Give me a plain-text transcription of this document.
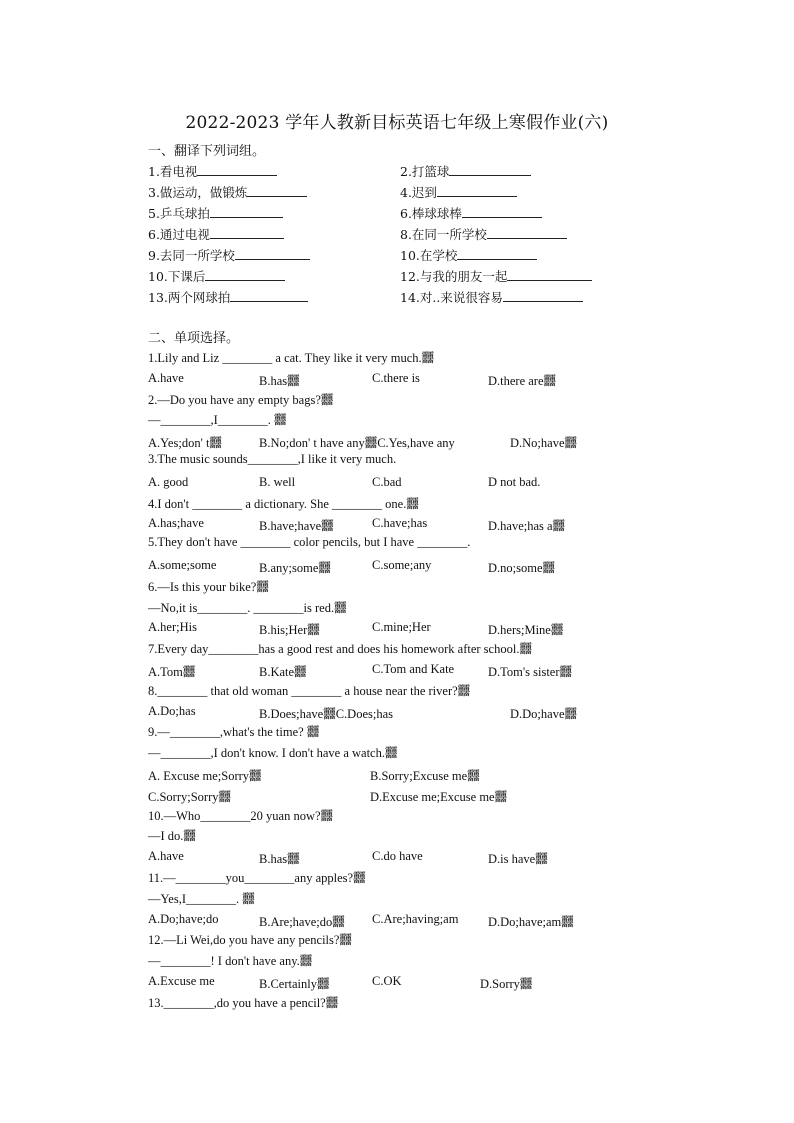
2022-2023 学年人教新目标英语七年级上寒假作业(六)
一、翻译下列词组。
1.看电视	2.打篮球
3.做运动，做锻炼	4.迟到
5.乒乓球拍	6.棒球球棒
6.通过电视	8.在同一所学校
9.去同一所学校	10.在学校
10.下课后	12.与我的朋友一起
13.两个网球拍	14.对..来说很容易
二、单项选择。
1.Lily and Liz ________ a cat. They like it very much.䨻
A.have	B.has䨻	C.there is	D.there are䨻
2.—Do you have any empty bags?䨻
—________,I________. 䨻
A.Yes;don' t䨻	B.No;don' t have any䨻C.Yes,have any	D.No;have䨻
3.The music sounds________,I like it very much.
A. good	B. well	C.bad	D not bad.
4.I don't ________ a dictionary. She ________ one.䨻
A.has;have	B.have;have䨻	C.have;has	D.have;has a䨻
5.They don't have ________ color pencils, but I have ________.
A.some;some	B.any;some䨻	C.some;any	D.no;some䨻
6.—Is this your bike?䨻
—No,it is________. ________is red.䨻
A.her;His	B.his;Her䨻	C.mine;Her	D.hers;Mine䨻
7.Every day________has a good rest and does his homework after school.䨻
A.Tom䨻	B.Kate䨻	C.Tom and Kate	D.Tom's sister䨻
8.________ that old woman ________ a house near the river?䨻
A.Do;has	B.Does;have䨻C.Does;has	D.Do;have䨻
9.—________,what's the time? 䨻
—________,I don't know. I don't have a watch.䨻
A. Excuse me;Sorry䨻	B.Sorry;Excuse me䨻
C.Sorry;Sorry䨻	D.Excuse me;Excuse me䨻
10.—Who________20 yuan now?䨻
—I do.䨻
A.have	B.has䨻	C.do have	D.is have䨻
11.—________you________any apples?䨻
—Yes,I________. 䨻
A.Do;have;do	B.Are;have;do䨻 C.Are;having;am D.Do;have;am䨻
12.—Li Wei,do you have any pencils?䨻
—________! I don't have any.䨻
A.Excuse me	B.Certainly䨻	C.OK	D.Sorry䨻
13.________,do you have a pencil?䨻
